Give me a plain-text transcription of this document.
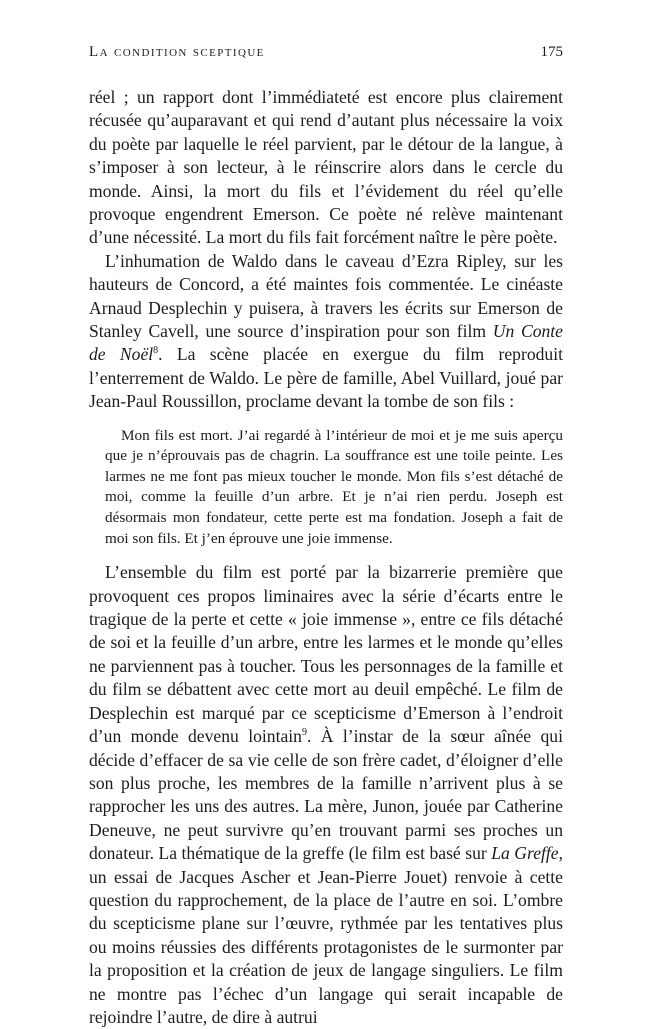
La condition sceptique	175

réel ; un rapport dont l’immédiateté est encore plus clairement récusée qu’auparavant et qui rend d’autant plus nécessaire la voix du poète par laquelle le réel parvient, par le détour de la langue, à s’imposer à son lecteur, à le réinscrire alors dans le cercle du monde. Ainsi, la mort du fils et l’évidement du réel qu’elle provoque engendrent Emerson. Ce poète né relève maintenant d’une nécessité. La mort du fils fait forcément naître le père poète.

L’inhumation de Waldo dans le caveau d’Ezra Ripley, sur les hauteurs de Concord, a été maintes fois commentée. Le cinéaste Arnaud Desplechin y puisera, à travers les écrits sur Emerson de Stanley Cavell, une source d’inspiration pour son film Un Conte de Noël$^8$. La scène placée en exergue du film reproduit l’enterrement de Waldo. Le père de famille, Abel Vuillard, joué par Jean-Paul Roussillon, proclame devant la tombe de son fils :

Mon fils est mort. J’ai regardé à l’intérieur de moi et je me suis aperçu que je n’éprouvais pas de chagrin. La souffrance est une toile peinte. Les larmes ne me font pas mieux toucher le monde. Mon fils s’est détaché de moi, comme la feuille d’un arbre. Et je n’ai rien perdu. Joseph est désormais mon fondateur, cette perte est ma fondation. Joseph a fait de moi son fils. Et j’en éprouve une joie immense.

L’ensemble du film est porté par la bizarrerie première que provoquent ces propos liminaires avec la série d’écarts entre le tragique de la perte et cette « joie immense », entre ce fils détaché de soi et la feuille d’un arbre, entre les larmes et le monde qu’elles ne parviennent pas à toucher. Tous les personnages de la famille et du film se débattent avec cette mort au deuil empêché. Le film de Desplechin est marqué par ce scepticisme d’Emerson à l’endroit d’un monde devenu lointain$^9$. À l’instar de la sœur aînée qui décide d’effacer de sa vie celle de son frère cadet, d’éloigner d’elle son plus proche, les membres de la famille n’arrivent plus à se rapprocher les uns des autres. La mère, Junon, jouée par Catherine Deneuve, ne peut survivre qu’en trouvant parmi ses proches un donateur. La thématique de la greffe (le film est basé sur La Greffe, un essai de Jacques Ascher et Jean-Pierre Jouet) renvoie à cette question du rapprochement, de la place de l’autre en soi. L’ombre du scepticisme plane sur l’œuvre, rythmée par les tentatives plus ou moins réussies des différents protagonistes de le surmonter par la proposition et la création de jeux de langage singuliers. Le film ne montre pas l’échec d’un langage qui serait incapable de rejoindre l’autre, de dire à autrui
